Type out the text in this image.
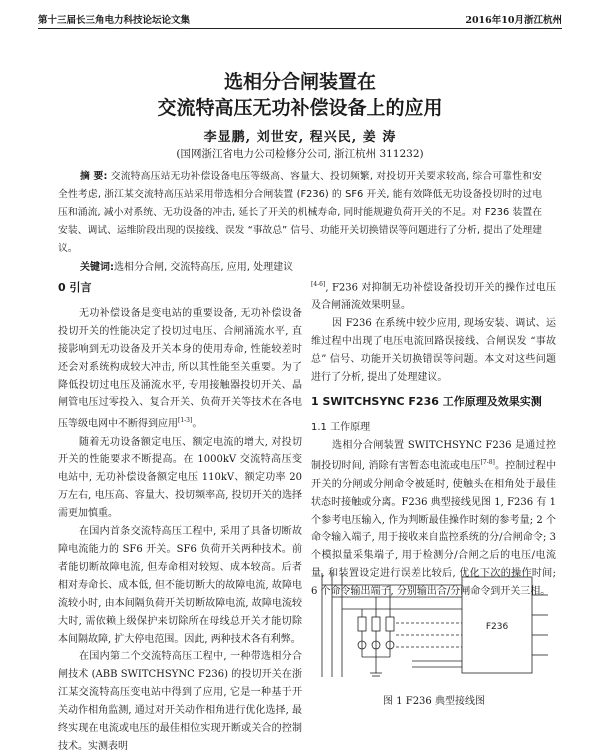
第十三届长三角电力科技论坛论文集	2016年10月浙江杭州
选相分合闸装置在
交流特高压无功补偿设备上的应用
李显鹏, 刘世安, 程兴民, 姜 涛
(国网浙江省电力公司检修分公司, 浙江杭州 311232)
摘 要: 交流特高压站无功补偿设备电压等级高、容量大、投切频繁, 对投切开关要求较高, 综合可靠性和安全性考虑, 浙江某交流特高压站采用带选相分合闸装置 (F236) 的 SF6 开关, 能有效降低无功设备投切时的过电压和涌流, 减小对系统、无功设备的冲击, 延长了开关的机械寿命, 同时能规避负荷开关的不足。对 F236 装置在安装、调试、运维阶段出现的误接线、误发 “事故总” 信号、功能开关切换错误等问题进行了分析, 提出了处理建议。
关键词:选相分合闸, 交流特高压, 应用, 处理建议
0 引言

无功补偿设备是变电站的重要设备, 无功补偿设备投切开关的性能决定了投切过电压、合闸涌流水平, 直接影响到无功设备及开关本身的使用寿命, 性能较差时还会对系统构成较大冲击, 所以其性能至关重要。为了降低投切过电压及涌流水平, 专用接触器投切开关、晶闸管电压过零投入、复合开关、负荷开关等技术在各电压等级电网中不断得到应用[1-3]。

随着无功设备额定电压、额定电流的增大, 对投切开关的性能要求不断提高。在 1000kV 交流特高压变电站中, 无功补偿设备额定电压 110kV、额定功率 20 万左右, 电压高、容量大、投切频率高, 投切开关的选择需更加慎重。

在国内首条交流特高压工程中, 采用了具备切断故障电流能力的 SF6 开关。SF6 负荷开关两种技术。前者能切断故障电流, 但寿命相对较短、成本较高。后者相对寿命长、成本低, 但不能切断大的故障电流, 故障电流较小时, 由本间隔负荷开关切断故障电流, 故障电流较大时, 需依赖上级保护来切除所在母线总开关才能切除本间隔故障, 扩大停电范围。因此, 两种技术各有利弊。

在国内第二个交流特高压工程中, 一种带选相分合闸技术 (ABB SWITCHSYNC F236) 的投切开关在浙江某交流特高压变电站中得到了应用, 它是一种基于开关动作相角监测, 通过对开关动作相角进行优化选择, 最终实现在电流或电压的最佳相位实现开断或关合的控制技术。实测表明

[4-6], F236 对抑制无功补偿设备投切开关的操作过电压及合闸涌流效果明显。

因 F236 在系统中较少应用, 现场安装、调试、运维过程中出现了电压电流回路误接线、合闸误发 “事故总” 信号、功能开关切换错误等问题。本文对这些问题进行了分析, 提出了处理建议。

1 SWITCHSYNC F236 工作原理及效果实测
1.1 工作原理

选相分合闸装置 SWITCHSYNC F236 是通过控制投切时间, 消除有害暂态电流或电压[7-8]。控制过程中开关的分闸或分闸命令被延时, 使触头在相角处于最佳状态时接触或分离。F236 典型接线见图 1, F236 有 1 个参考电压输入, 作为判断最佳操作时刻的参考量; 2 个命令输入端子, 用于接收来自监控系统的分/合闸命令; 3 个模拟量采集端子, 用于检测分/合闸之后的电压/电流量, 和装置设定进行误差比较后, 优化下次的操作时间; 6 个命令输出端子, 分别输出合/分闸命令到开关三相。

F236
图 1 F236 典型接线图
